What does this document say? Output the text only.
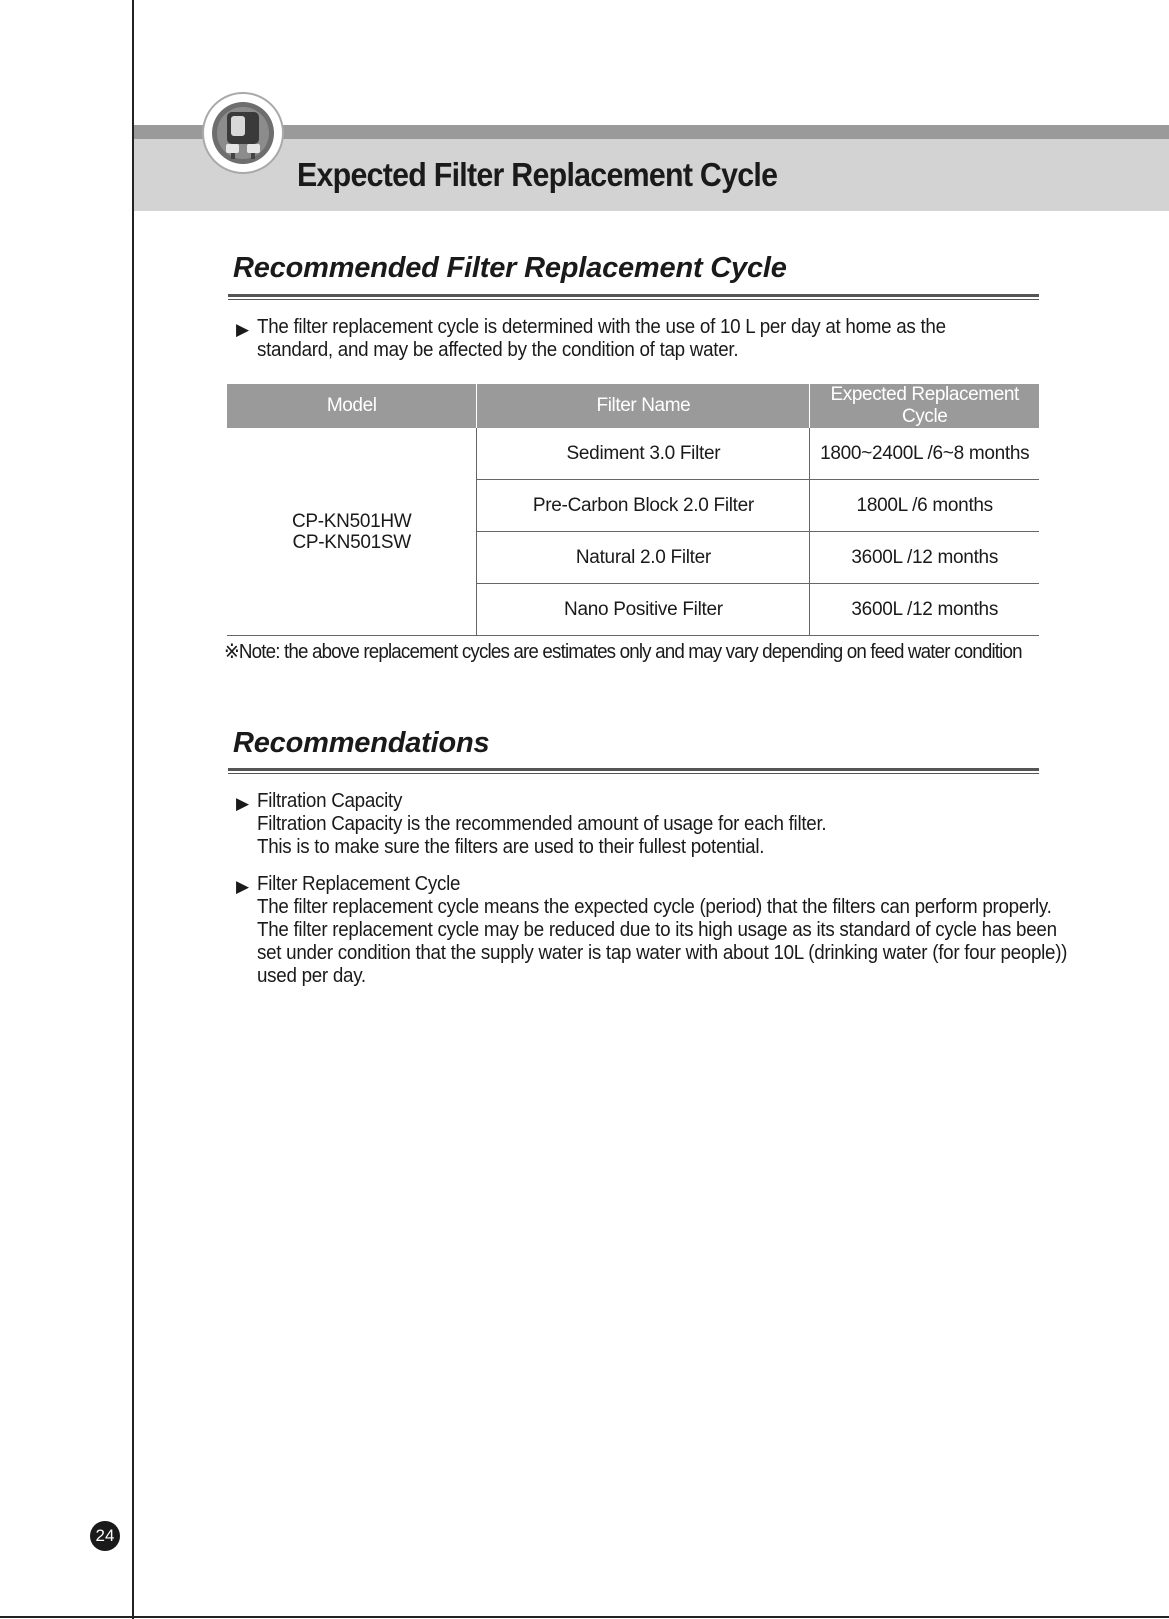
Expected Filter Replacement Cycle
Recommended Filter Replacement Cycle
▶ The filter replacement cycle is determined with the use of 10 L per day at home as the
standard, and may be affected by the condition of tap water.
Model	Filter Name	Expected Replacement Cycle

CP-KN501HW
CP-KN501SW	Sediment 3.0 Filter	1800~2400L /6~8 months
	Pre-Carbon Block 2.0 Filter	1800L /6 months
	Natural 2.0 Filter	3600L /12 months
	Nano Positive Filter	3600L /12 months
※Note: the above replacement cycles are estimates only and may vary depending on feed water condition
Recommendations
▶ Filtration Capacity
Filtration Capacity is the recommended amount of usage for each filter.
This is to make sure the filters are used to their fullest potential.
▶ Filter Replacement Cycle
The filter replacement cycle means the expected cycle (period) that the filters can perform properly.
The filter replacement cycle may be reduced due to its high usage as its standard of cycle has been
set under condition that the supply water is tap water with about 10L (drinking water (for four people))
used per day.
24
